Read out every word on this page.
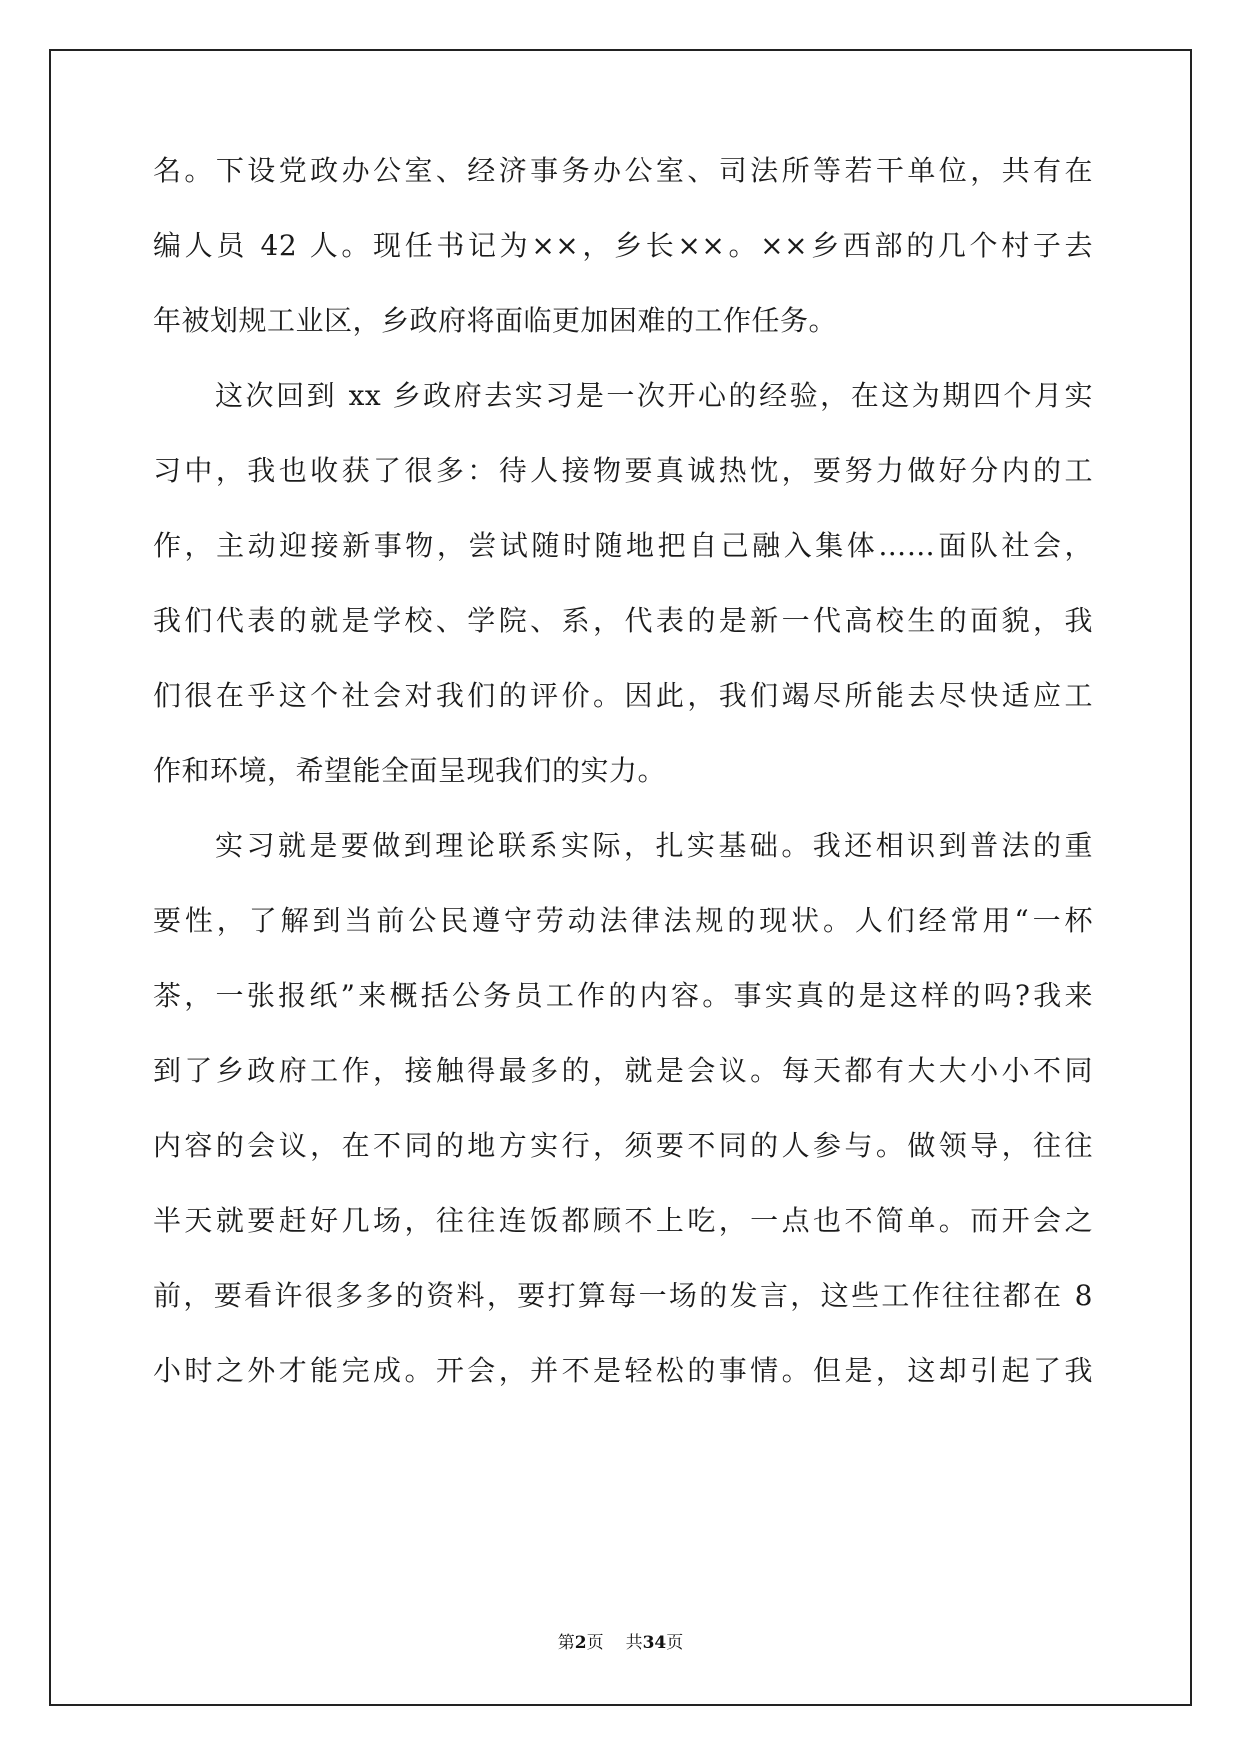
名。下设党政办公室、经济事务办公室、司法所等若干单位，共有在
编人员 42 人。现任书记为××，乡长××。××乡西部的几个村子去
年被划规工业区，乡政府将面临更加困难的工作任务。
这次回到 xx 乡政府去实习是一次开心的经验，在这为期四个月实
习中，我也收获了很多：待人接物要真诚热忱，要努力做好分内的工
作，主动迎接新事物，尝试随时随地把自己融入集体……面队社会，
我们代表的就是学校、学院、系，代表的是新一代高校生的面貌，我
们很在乎这个社会对我们的评价。因此，我们竭尽所能去尽快适应工
作和环境，希望能全面呈现我们的实力。
实习就是要做到理论联系实际，扎实基础。我还相识到普法的重
要性，了解到当前公民遵守劳动法律法规的现状。人们经常用“一杯
茶，一张报纸”来概括公务员工作的内容。事实真的是这样的吗?我来
到了乡政府工作，接触得最多的，就是会议。每天都有大大小小不同
内容的会议，在不同的地方实行，须要不同的人参与。做领导，往往
半天就要赶好几场，往往连饭都顾不上吃，一点也不简单。而开会之
前，要看许很多多的资料，要打算每一场的发言，这些工作往往都在 8
小时之外才能完成。开会，并不是轻松的事情。但是，这却引起了我
第2页 共34页
